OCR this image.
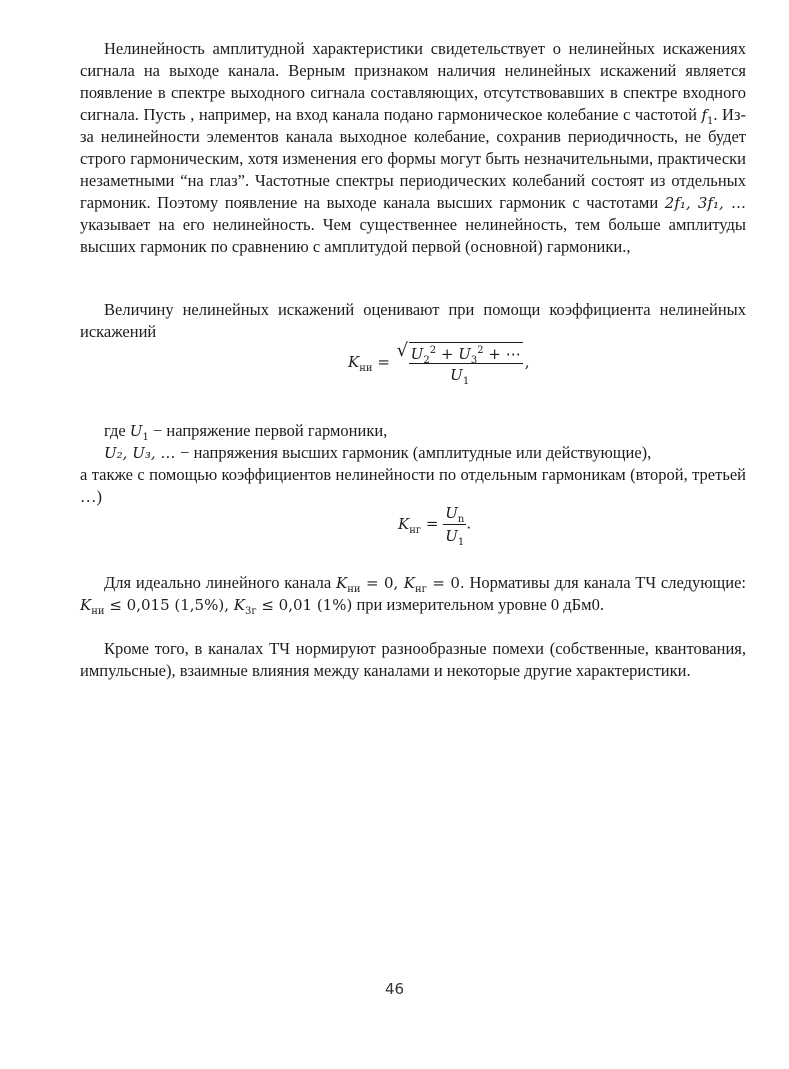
Нелинейность амплитудной характеристики свидетельствует о нелинейных искажениях сигнала на выходе канала. Верным признаком наличия нелинейных искажений является появление в спектре выходного сигнала составляющих, отсутствовавших в спектре входного сигнала. Пусть , например, на вход канала подано гармоническое колебание с частотой $f_1$. Из-за нелинейности элементов канала выходное колебание, сохранив периодичность, не будет строго гармоническим, хотя изменения его формы могут быть незначительными, практически незаметными “на глаз”. Частотные спектры периодических колебаний состоят из отдельных гармоник. Поэтому появление на выходе канала высших гармоник с частотами 2f₁, 3f₁, … указывает на его нелинейность. Чем существеннее нелинейность, тем больше амплитуды высших гармоник по сравнению с амплитудой первой (основной) гармоники.,

Величину нелинейных искажений оценивают при помощи коэффициента нелинейных искажений

$K_{ни}$ =
√ $U_2^2 + U_3^2$ + ⋯
$U_1$
,
где $U_1$ − напряжение первой гармоники,
U₂, U₃, … − напряжения высших гармоник (амплитудные или действующие),

а также с помощью коэффициентов нелинейности по отдельным гармоникам (второй, третьей …)

$K_{нг} = \frac{U_n}{U_1}$ .

Для идеально линейного канала $K_{ни} = 0$, $K_{нг} = 0$. Нормативы для канала ТЧ следующие: $K_{ни} \le 0,015$ (1,5%), $K_{3г} \le 0,01$ (1%) при измерительном уровне 0 дБм0.

Кроме того, в каналах ТЧ нормируют разнообразные помехи (собственные, квантования, импульсные), взаимные влияния между каналами и некоторые другие характеристики.

46
